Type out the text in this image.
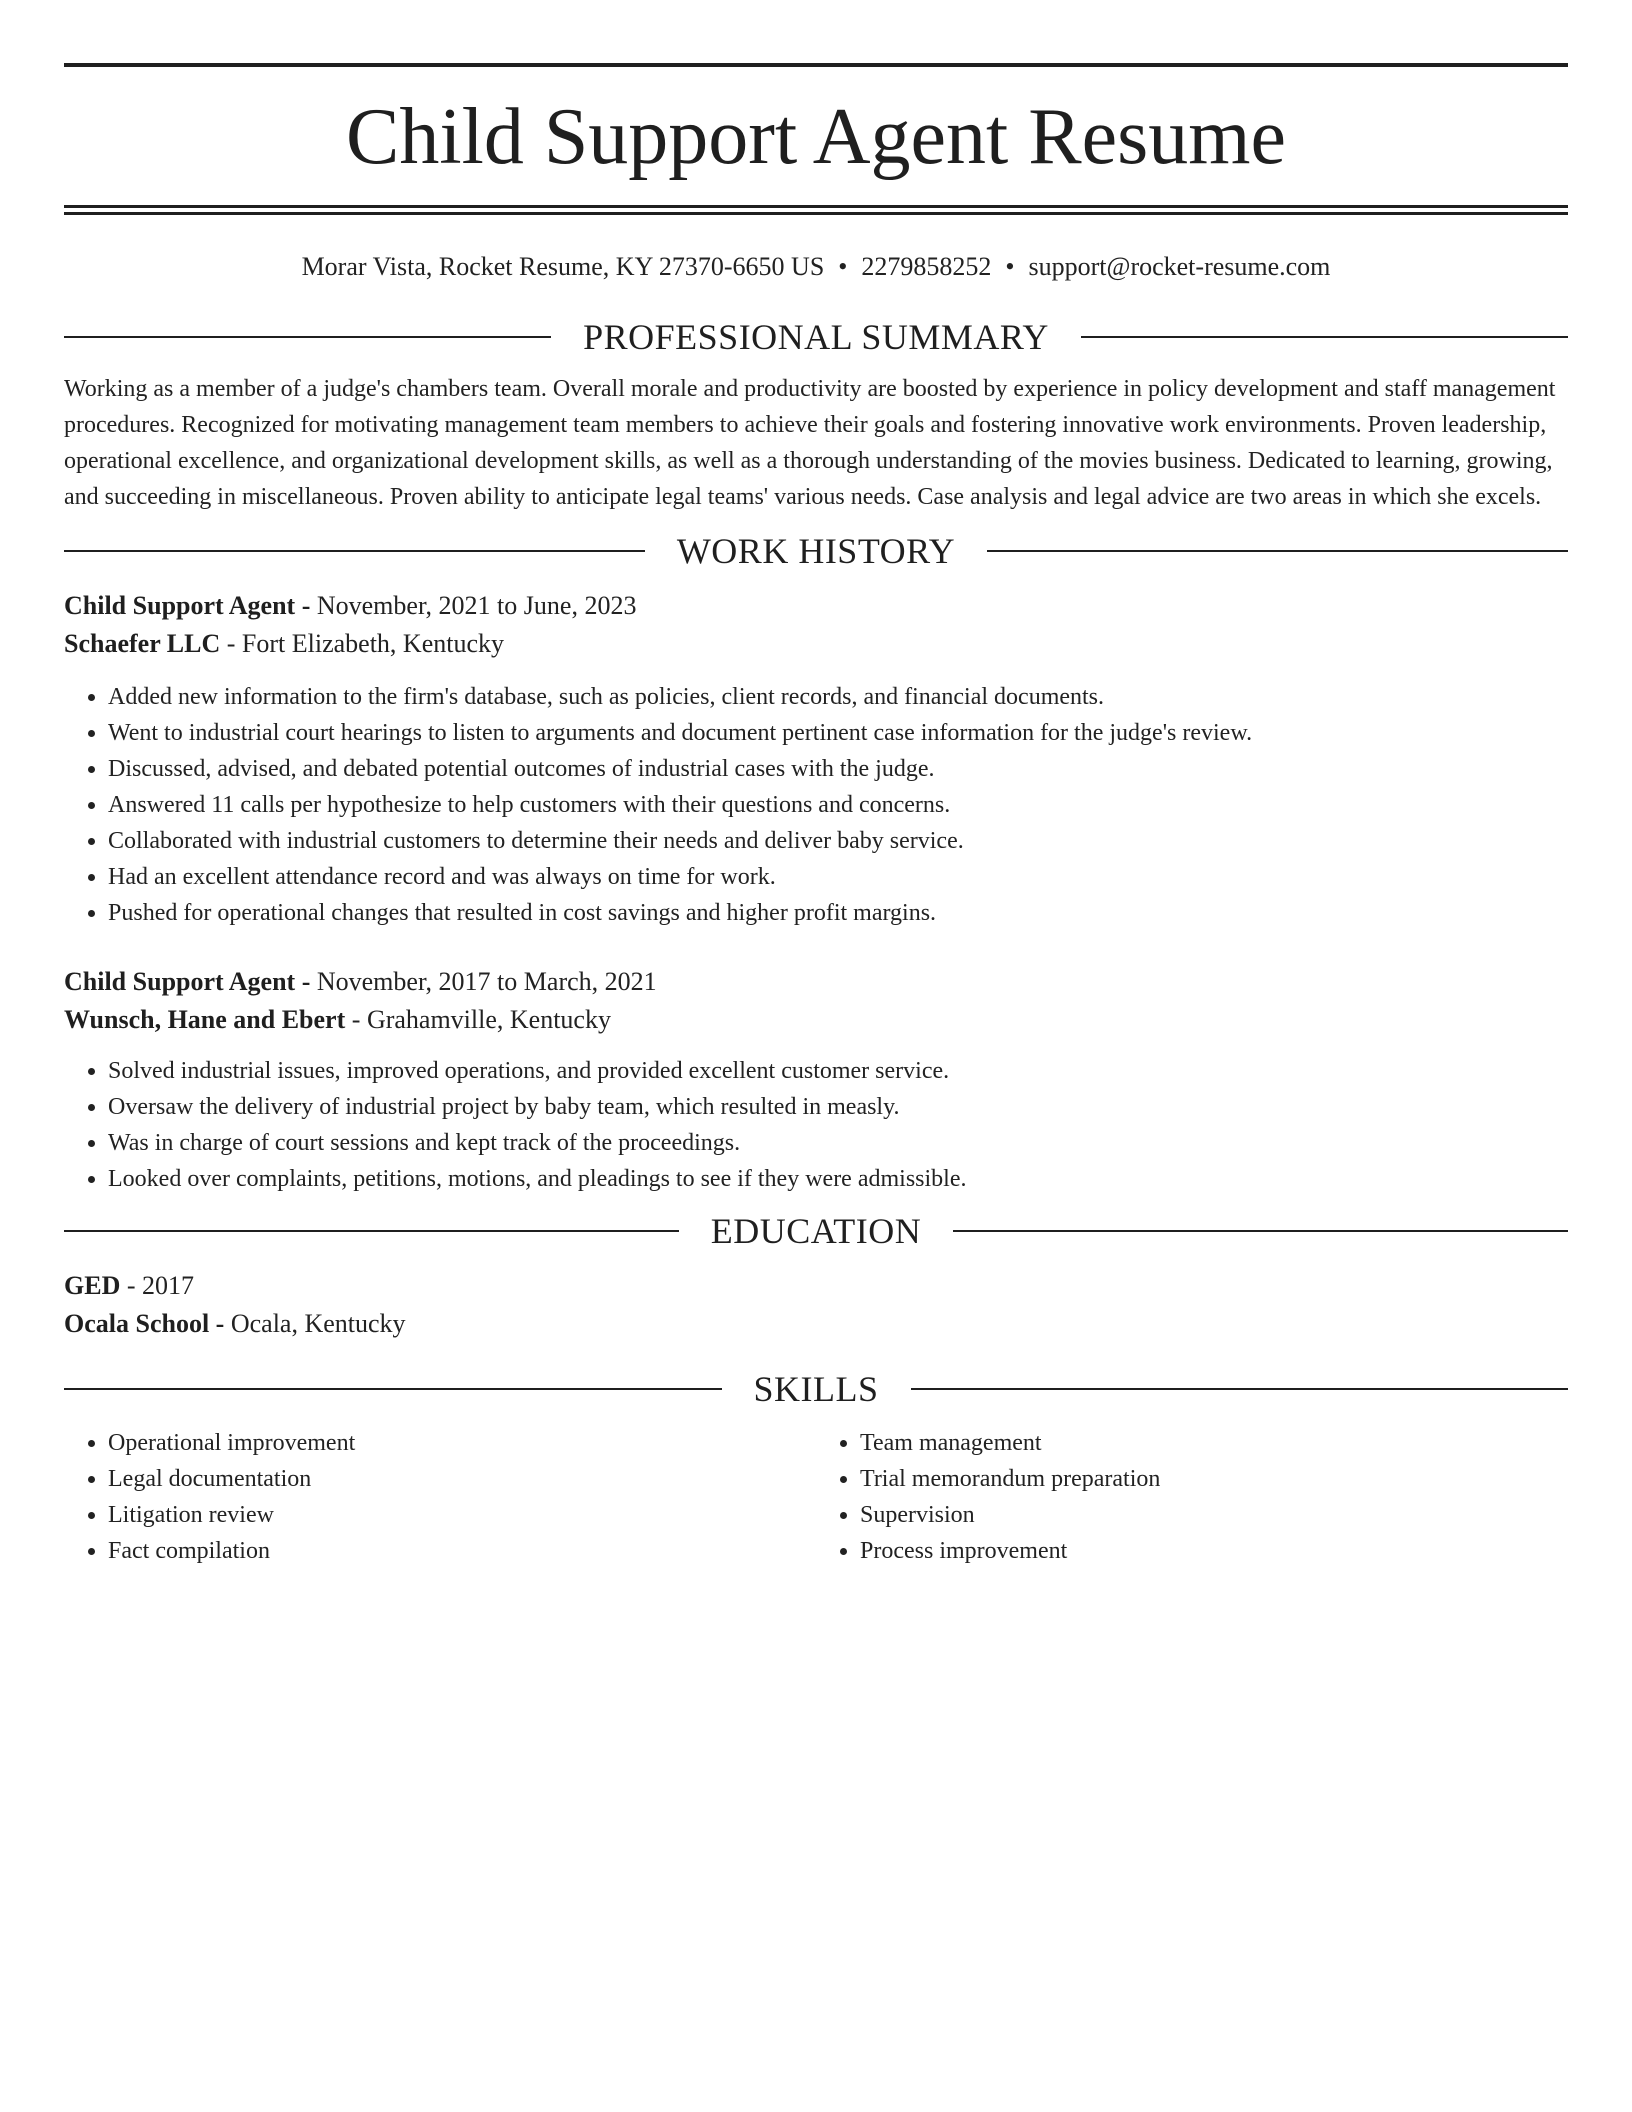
Child Support Agent Resume
Morar Vista, Rocket Resume, KY 27370-6650 US • 2279858252 • support@rocket-resume.com
PROFESSIONAL SUMMARY
Working as a member of a judge's chambers team. Overall morale and productivity are boosted by experience in policy development and staff management procedures. Recognized for motivating management team members to achieve their goals and fostering innovative work environments. Proven leadership, operational excellence, and organizational development skills, as well as a thorough understanding of the movies business. Dedicated to learning, growing, and succeeding in miscellaneous. Proven ability to anticipate legal teams' various needs. Case analysis and legal advice are two areas in which she excels.
WORK HISTORY
Child Support Agent - November, 2021 to June, 2023
Schaefer LLC - Fort Elizabeth, Kentucky
• Added new information to the firm's database, such as policies, client records, and financial documents.
• Went to industrial court hearings to listen to arguments and document pertinent case information for the judge's review.
• Discussed, advised, and debated potential outcomes of industrial cases with the judge.
• Answered 11 calls per hypothesize to help customers with their questions and concerns.
• Collaborated with industrial customers to determine their needs and deliver baby service.
• Had an excellent attendance record and was always on time for work.
• Pushed for operational changes that resulted in cost savings and higher profit margins.
Child Support Agent - November, 2017 to March, 2021
Wunsch, Hane and Ebert - Grahamville, Kentucky
• Solved industrial issues, improved operations, and provided excellent customer service.
• Oversaw the delivery of industrial project by baby team, which resulted in measly.
• Was in charge of court sessions and kept track of the proceedings.
• Looked over complaints, petitions, motions, and pleadings to see if they were admissible.
EDUCATION
GED - 2017
Ocala School - Ocala, Kentucky
SKILLS
• Operational improvement
• Legal documentation
• Litigation review
• Fact compilation
• Team management
• Trial memorandum preparation
• Supervision
• Process improvement
